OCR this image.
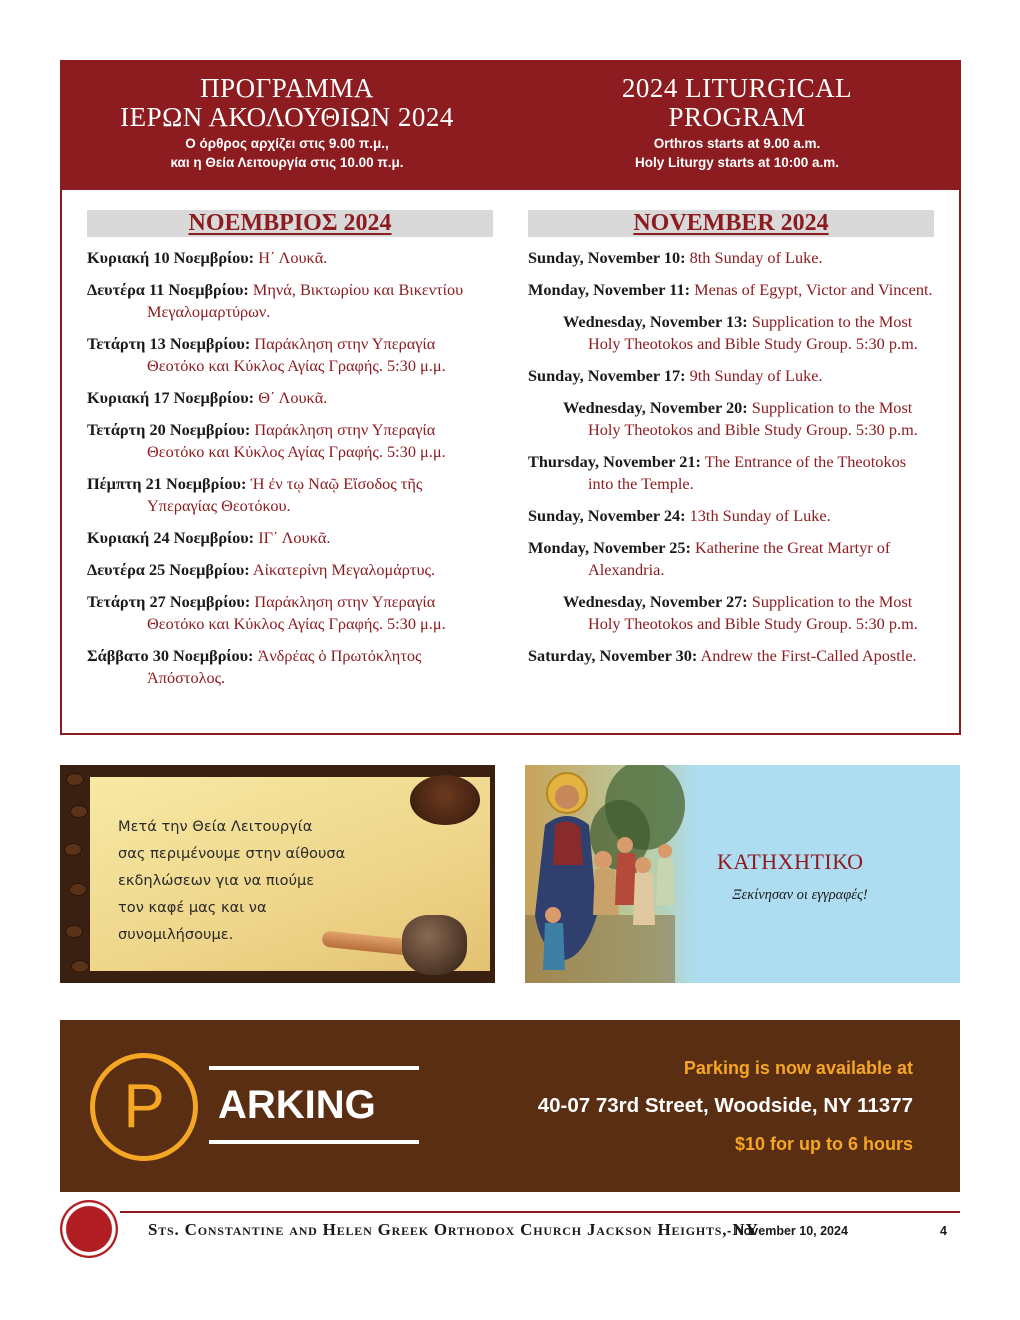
ΠΡΟΓΡΑΜΜΑ
ΙΕΡΩΝ ΑΚΟΛΟΥΘΙΩΝ 2024
Ο όρθρος αρχίζει στις 9.00 π.μ.,
και η Θεία Λειτουργία στις 10.00 π.μ.
2024 LITURGICAL
PROGRAM
Orthros starts at 9.00 a.m.
Holy Liturgy starts at 10:00 a.m.
ΝΟΕΜΒΡΙΟΣ 2024

Κυριακή 10 Νοεμβρίου: Η΄ Λουκᾶ.

Δευτέρα 11 Νοεμβρίου: Μηνά, Βικτωρίου και Βικεντίου Μεγαλομαρτύρων.

Τετάρτη 13 Νοεμβρίου: Παράκληση στην Υπεραγία Θεοτόκο και Κύκλος Αγίας Γραφής. 5:30 μ.μ.

Κυριακή 17 Νοεμβρίου: Θ΄ Λουκᾶ.

Τετάρτη 20 Νοεμβρίου: Παράκληση στην Υπεραγία Θεοτόκο και Κύκλος Αγίας Γραφής. 5:30 μ.μ.

Πέμπτη 21 Νοεμβρίου: Ἡ ἐν τῳ Ναῷ Εἴσοδος τῆς Υπεραγίας Θεοτόκου.

Κυριακή 24 Νοεμβρίου: ΙΓ΄ Λουκᾶ.

Δευτέρα 25 Νοεμβρίου: Αἰκατερίνη Μεγαλομάρτυς.

Τετάρτη 27 Νοεμβρίου: Παράκληση στην Υπεραγία Θεοτόκο και Κύκλος Αγίας Γραφής. 5:30 μ.μ.

Σάββατο 30 Νοεμβρίου: Ἀνδρέας ὁ Πρωτόκλητος Ἀπόστολος.

NOVEMBER 2024

Sunday, November 10: 8th Sunday of Luke.

Monday, November 11: Menas of Egypt, Victor and Vincent.

Wednesday, November 13: Supplication to the Most Holy Theotokos and Bible Study Group. 5:30 p.m.

Sunday, November 17: 9th Sunday of Luke.

Wednesday, November 20: Supplication to the Most Holy Theotokos and Bible Study Group. 5:30 p.m.

Thursday, November 21: The Entrance of the Theotokos into the Temple.

Sunday, November 24: 13th Sunday of Luke.

Monday, November 25: Katherine the Great Martyr of Alexandria.

Wednesday, November 27: Supplication to the Most Holy Theotokos and Bible Study Group. 5:30 p.m.

Saturday, November 30: Andrew the First-Called Apostle.

Μετά την Θεία Λειτουργία
σας περιμένουμε στην αίθουσα
εκδηλώσεων για να πιούμε
τον καφέ μας και να
συνομιλήσουμε.
ΚΑΤΗΧΗΤΙΚΟ
Ξεκίνησαν οι εγγραφές!
P	ARKING
Parking is now available at
40-07 73rd Street, Woodside, NY 11377
$10 for up to 6 hours
Sts. Constantine and Helen Greek Orthodox Church Jackson Heights, NY
- November 10, 2024	4
